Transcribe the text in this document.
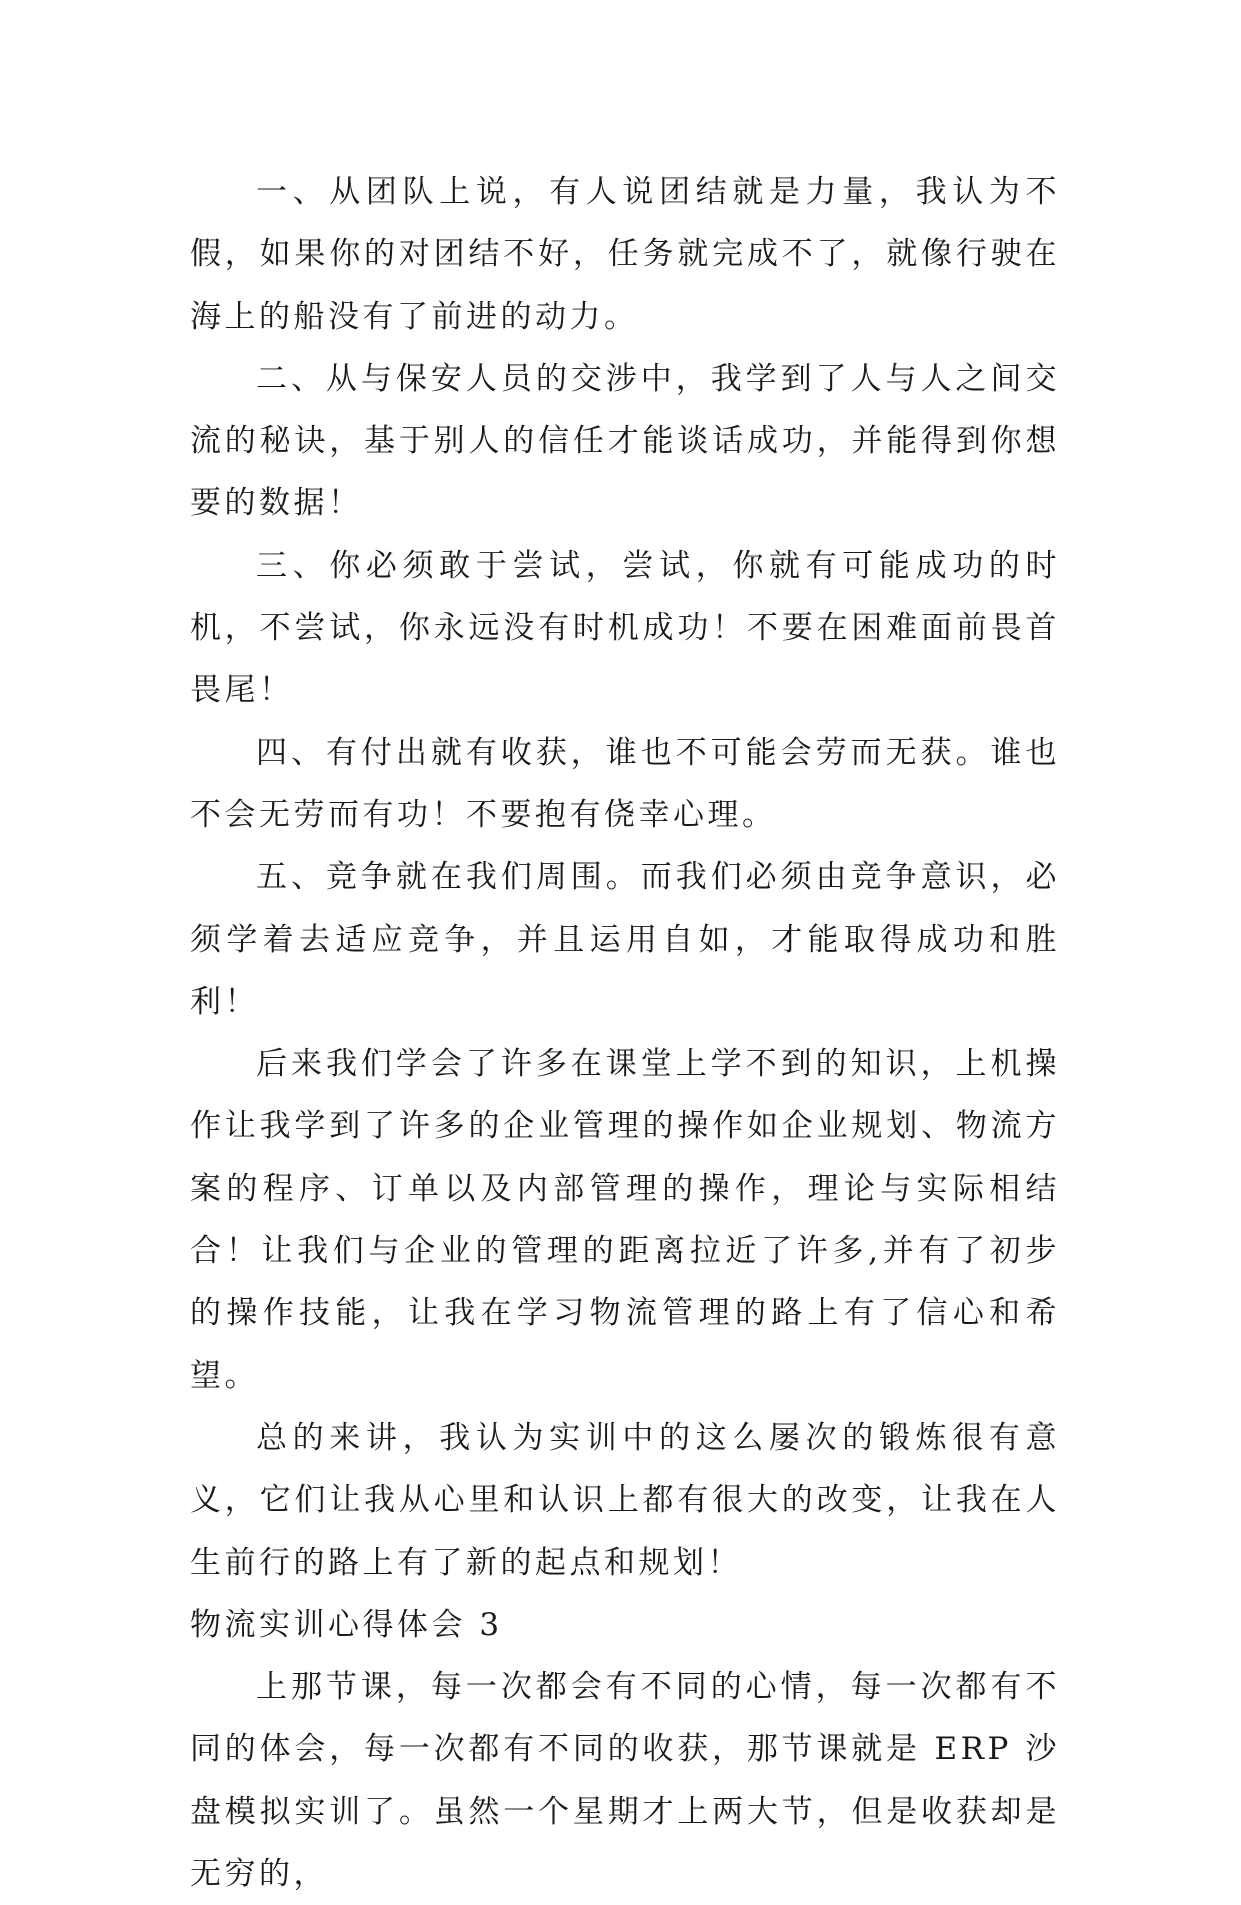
一、从团队上说，有人说团结就是力量，我认为不假，如果你的对团结不好，任务就完成不了，就像行驶在海上的船没有了前进的动力。

二、从与保安人员的交涉中，我学到了人与人之间交流的秘诀，基于别人的信任才能谈话成功，并能得到你想要的数据！

三、你必须敢于尝试，尝试，你就有可能成功的时机，不尝试，你永远没有时机成功！不要在困难面前畏首畏尾！

四、有付出就有收获，谁也不可能会劳而无获。谁也不会无劳而有功！不要抱有侥幸心理。

五、竞争就在我们周围。而我们必须由竞争意识，必须学着去适应竞争，并且运用自如，才能取得成功和胜利！

后来我们学会了许多在课堂上学不到的知识，上机操作让我学到了许多的企业管理的操作如企业规划、物流方案的程序、订单以及内部管理的操作，理论与实际相结合！让我们与企业的管理的距离拉近了许多,并有了初步的操作技能，让我在学习物流管理的路上有了信心和希望。

总的来讲，我认为实训中的这么屡次的锻炼很有意义，它们让我从心里和认识上都有很大的改变，让我在人生前行的路上有了新的起点和规划！

物流实训心得体会 3

上那节课，每一次都会有不同的心情，每一次都有不同的体会，每一次都有不同的收获，那节课就是 ERP 沙盘模拟实训了。虽然一个星期才上两大节，但是收获却是无穷的，
